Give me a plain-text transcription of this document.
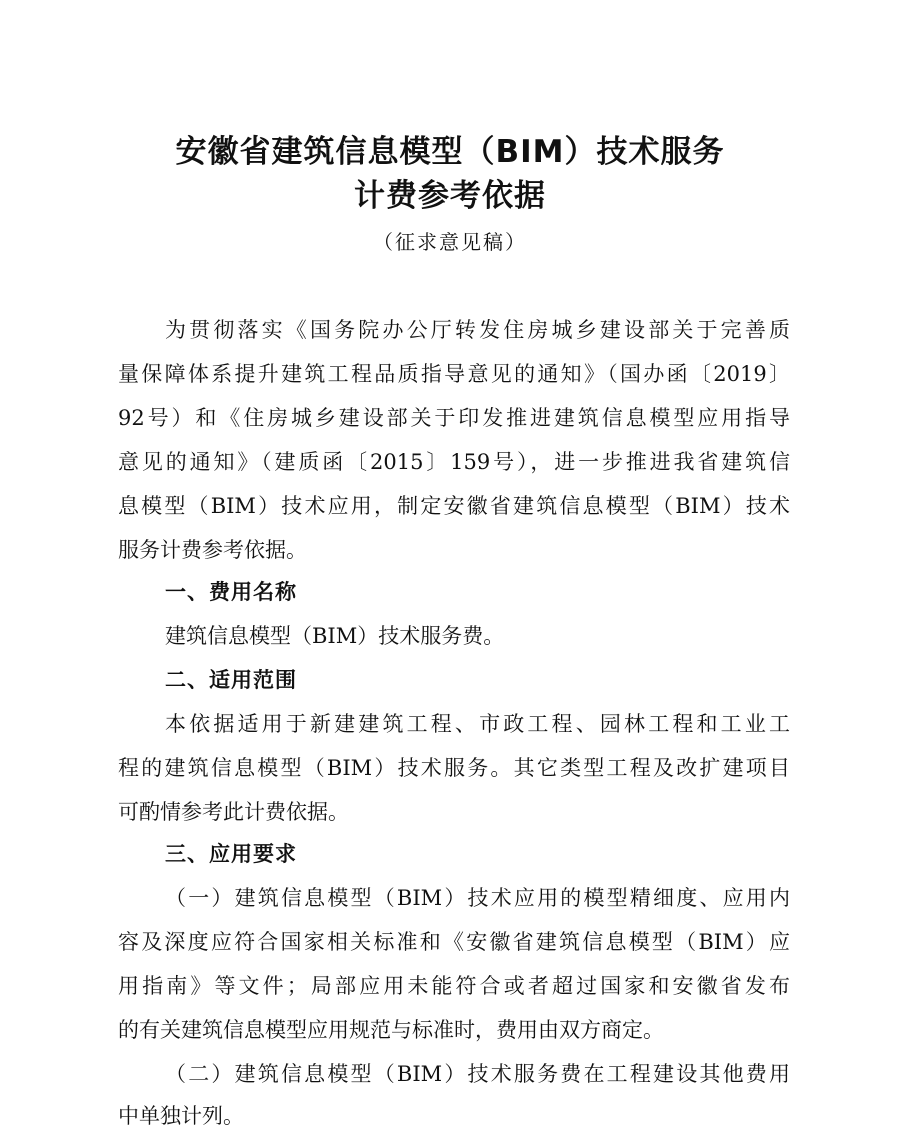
安徽省建筑信息模型（BIM）技术服务
计费参考依据
（征求意见稿）
为贯彻落实《国务院办公厅转发住房城乡建设部关于完善质
量保障体系提升建筑工程品质指导意见的通知》（国办函〔2019〕
92号）和《住房城乡建设部关于印发推进建筑信息模型应用指导
意见的通知》（建质函〔2015〕159号），进一步推进我省建筑信
息模型（BIM）技术应用，制定安徽省建筑信息模型（BIM）技术
服务计费参考依据。
一、费用名称
建筑信息模型（BIM）技术服务费。
二、适用范围
本依据适用于新建建筑工程、市政工程、园林工程和工业工
程的建筑信息模型（BIM）技术服务。其它类型工程及改扩建项目
可酌情参考此计费依据。
三、应用要求
（一）建筑信息模型（BIM）技术应用的模型精细度、应用内
容及深度应符合国家相关标准和《安徽省建筑信息模型（BIM）应
用指南》等文件；局部应用未能符合或者超过国家和安徽省发布
的有关建筑信息模型应用规范与标准时，费用由双方商定。
（二）建筑信息模型（BIM）技术服务费在工程建设其他费用
中单独计列。
